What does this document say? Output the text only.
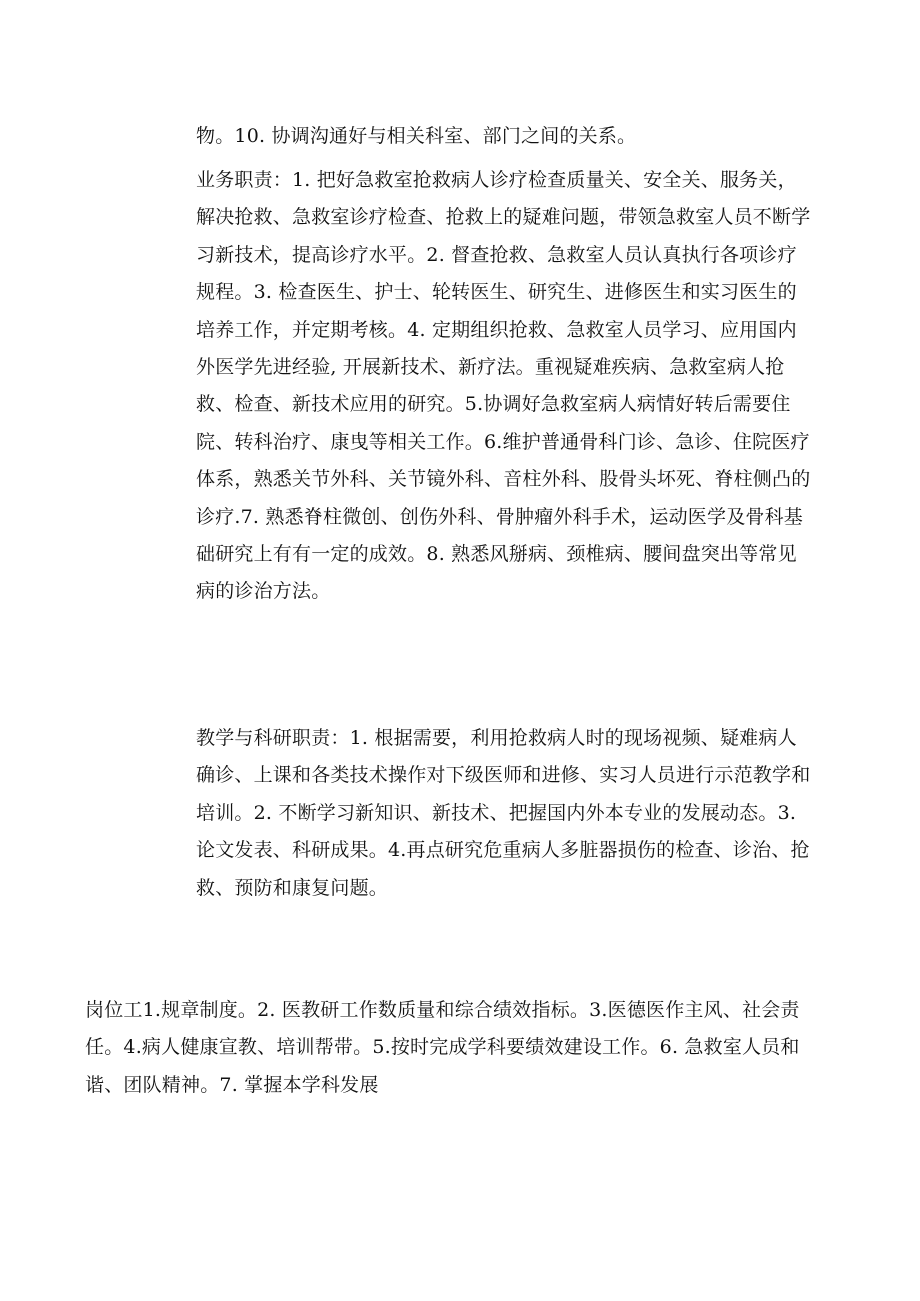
物。10. 协调沟通好与相关科室、部门之间的关系。
业务职责：1. 把好急救室抢救病人诊疗检查质量关、安全关、服务关，解决抢救、急救室诊疗检查、抢救上的疑难问题，带领急救室人员不断学习新技术，提高诊疗水平。2. 督查抢救、急救室人员认真执行各项诊疗规程。3. 检查医生、护士、轮转医生、研究生、进修医生和实习医生的培养工作，并定期考核。4. 定期组织抢救、急救室人员学习、应用国内外医学先进经验, 开展新技术、新疗法。重视疑难疾病、急救室病人抢救、检查、新技术应用的研究。5.协调好急救室病人病情好转后需要住院、转科治疗、康曳等相关工作。6.维护普通骨科门诊、急诊、住院医疗体系，熟悉关节外科、关节镜外科、音柱外科、股骨头坏死、脊柱侧凸的诊疗.7. 熟悉脊柱微创、创伤外科、骨肿瘤外科手术，运动医学及骨科基础研究上有有一定的成效。8. 熟悉风掰病、颈椎病、腰间盘突出等常见病的诊治方法。
教学与科研职责：1. 根据需要，利用抢救病人时的现场视频、疑难病人确诊、上课和各类技术操作对下级医师和进修、实习人员进行示范教学和培训。2. 不断学习新知识、新技术、把握国内外本专业的发展动态。3. 论文发表、科研成果。4.再点研究危重病人多脏器损伤的检查、诊治、抢救、预防和康复问题。
岗位工1.规章制度。2. 医教研工作数质量和综合绩效指标。3.医德医作主风、社会责任。4.病人健康宣教、培训帮带。5.按时完成学科要绩效建设工作。6. 急救室人员和谐、团队精神。7. 掌握本学科发展
